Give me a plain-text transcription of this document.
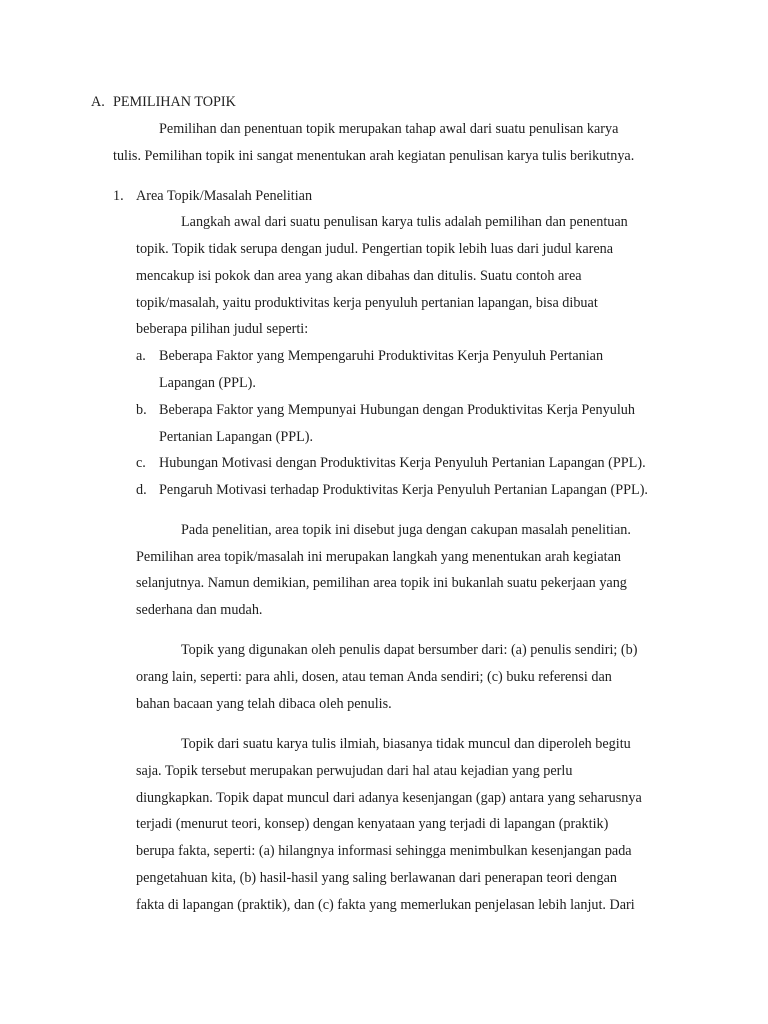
A. PEMILIHAN TOPIK
Pemilihan dan penentuan topik merupakan tahap awal dari suatu penulisan karya
tulis. Pemilihan topik ini sangat menentukan arah kegiatan penulisan karya tulis berikutnya.
1. Area Topik/Masalah Penelitian
Langkah awal dari suatu penulisan karya tulis adalah pemilihan dan penentuan
topik. Topik tidak serupa dengan judul. Pengertian topik lebih luas dari judul karena
mencakup isi pokok dan area yang akan dibahas dan ditulis. Suatu contoh area
topik/masalah, yaitu produktivitas kerja penyuluh pertanian lapangan, bisa dibuat
beberapa pilihan judul seperti:
a. Beberapa Faktor yang Mempengaruhi Produktivitas Kerja Penyuluh Pertanian
Lapangan (PPL).
b. Beberapa Faktor yang Mempunyai Hubungan dengan Produktivitas Kerja Penyuluh
Pertanian Lapangan (PPL).
c. Hubungan Motivasi dengan Produktivitas Kerja Penyuluh Pertanian Lapangan (PPL).
d. Pengaruh Motivasi terhadap Produktivitas Kerja Penyuluh Pertanian Lapangan (PPL).
Pada penelitian, area topik ini disebut juga dengan cakupan masalah penelitian.
Pemilihan area topik/masalah ini merupakan langkah yang menentukan arah kegiatan
selanjutnya. Namun demikian, pemilihan area topik ini bukanlah suatu pekerjaan yang
sederhana dan mudah.
Topik yang digunakan oleh penulis dapat bersumber dari: (a) penulis sendiri; (b)
orang lain, seperti: para ahli, dosen, atau teman Anda sendiri; (c) buku referensi dan
bahan bacaan yang telah dibaca oleh penulis.
Topik dari suatu karya tulis ilmiah, biasanya tidak muncul dan diperoleh begitu
saja. Topik tersebut merupakan perwujudan dari hal atau kejadian yang perlu
diungkapkan. Topik dapat muncul dari adanya kesenjangan (gap) antara yang seharusnya
terjadi (menurut teori, konsep) dengan kenyataan yang terjadi di lapangan (praktik)
berupa fakta, seperti: (a) hilangnya informasi sehingga menimbulkan kesenjangan pada
pengetahuan kita, (b) hasil-hasil yang saling berlawanan dari penerapan teori dengan
fakta di lapangan (praktik), dan (c) fakta yang memerlukan penjelasan lebih lanjut. Dari
